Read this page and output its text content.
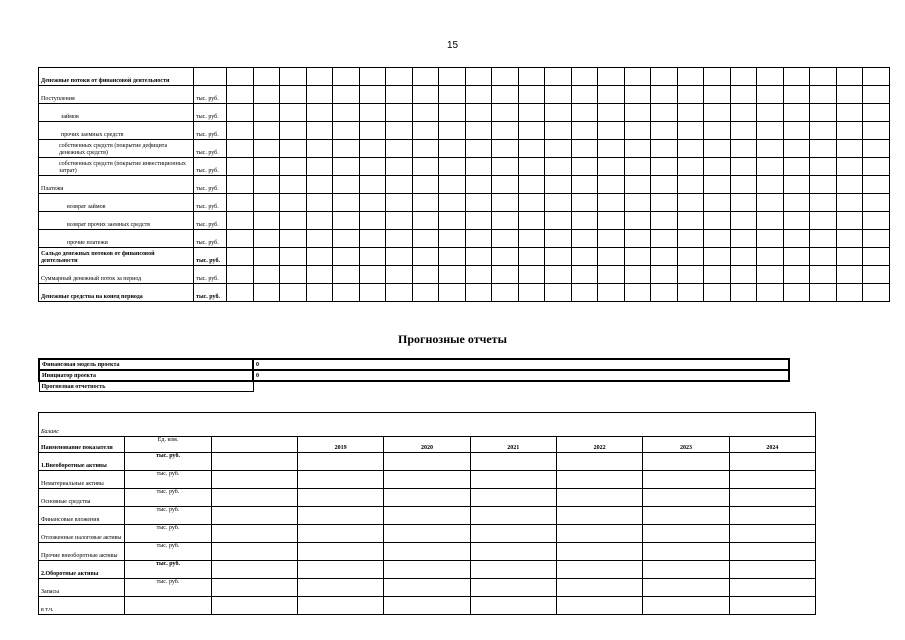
15
Денежные потоки от финансовой деятельности																										
Поступления	тыс. руб.																									
займов	тыс. руб.																									
прочих заемных средств	тыс. руб.																									
собственных средств (покрытие дефицита денежных средств)	тыс. руб.																									
собственных средств (покрытие инвестиционных затрат)	тыс. руб.																									
Платежи	тыс. руб.																									
возврат займов	тыс. руб.																									
возврат прочих заемных средств	тыс. руб.																									
прочие платежи	тыс. руб.																									
Сальдо денежных потоков от финансовой деятельности	тыс. руб.																									
Суммарный денежный поток за период	тыс. руб.																									
Денежные средства на конец периода	тыс. руб.																									
Прогнозные отчеты
Финансовая модель проекта	0
Инициатор проекта	0
Прогнозная отчетность	

Баланс								
Наименование показателя	Ед. изм.		2019	2020	2021	2022	2023	2024
1.Внеоборотные активы	тыс. руб.							
Нематериальные активы	тыс. руб.							
Основные средства	тыс. руб.							
Финансовые вложения	тыс. руб.							
Отложенные налоговые активы	тыс. руб.							
Прочие внеоборотные активы	тыс. руб.							
2.Оборотные активы	тыс. руб.							
Запасы	тыс. руб.							
в т.ч.								
